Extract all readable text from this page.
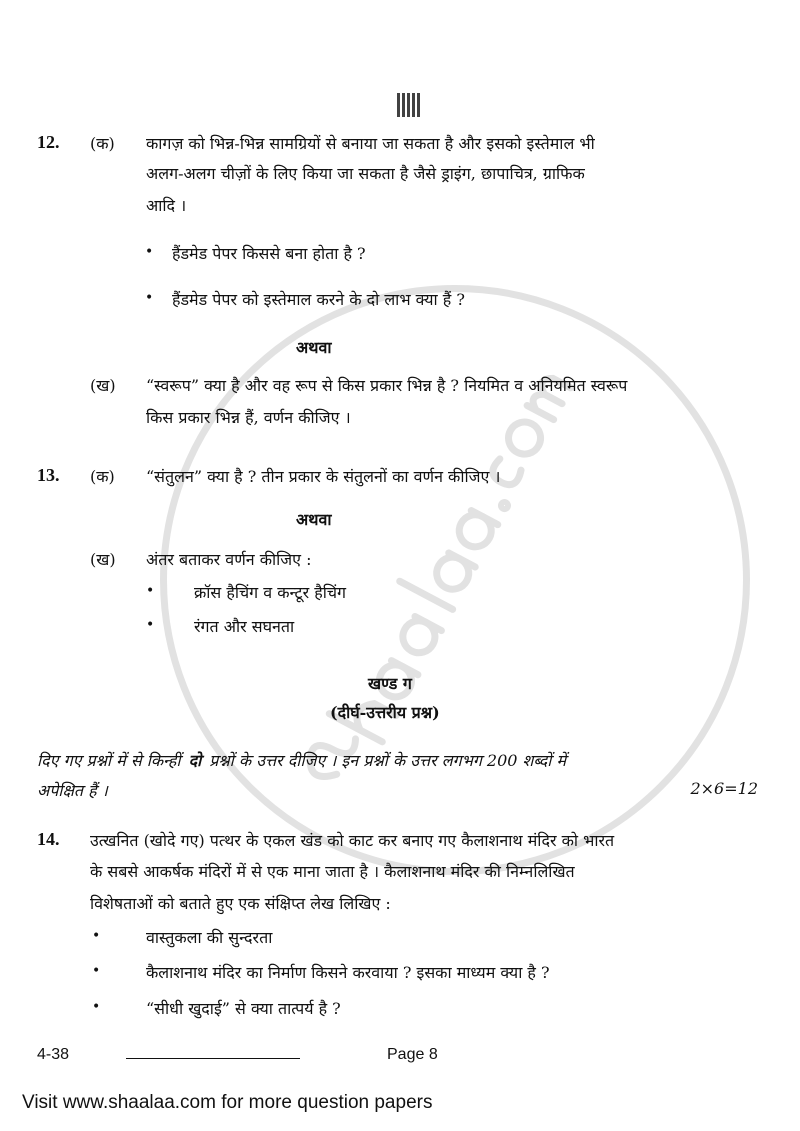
12. (क) कागज़ को भिन्न-भिन्न सामग्रियों से बनाया जा सकता है और इसको इस्तेमाल भी
अलग-अलग चीज़ों के लिए किया जा सकता है जैसे ड्राइंग, छापाचित्र, ग्राफिक
आदि ।
• हैंडमेड पेपर किससे बना होता है ?
• हैंडमेड पेपर को इस्तेमाल करने के दो लाभ क्या हैं ?
अथवा
(ख) “स्वरूप” क्या है और वह रूप से किस प्रकार भिन्न है ? नियमित व अनियमित स्वरूप
किस प्रकार भिन्न हैं, वर्णन कीजिए ।
13. (क) “संतुलन” क्या है ? तीन प्रकार के संतुलनों का वर्णन कीजिए ।
अथवा
(ख) अंतर बताकर वर्णन कीजिए :
• क्रॉस हैचिंग व कन्टूर हैचिंग
• रंगत और सघनता
खण्ड ग
(दीर्घ-उत्तरीय प्रश्न)
दिए गए प्रश्नों में से किन्हीं दो प्रश्नों के उत्तर दीजिए । इन प्रश्नों के उत्तर लगभग 200 शब्दों में
अपेक्षित हैं ।	2×6=12
14. उत्खनित (खोदे गए) पत्थर के एकल खंड को काट कर बनाए गए कैलाशनाथ मंदिर को भारत
के सबसे आकर्षक मंदिरों में से एक माना जाता है । कैलाशनाथ मंदिर की निम्नलिखित
विशेषताओं को बताते हुए एक संक्षिप्त लेख लिखिए :
•	वास्तुकला की सुन्दरता
•	कैलाशनाथ मंदिर का निर्माण किसने करवाया ? इसका माध्यम क्या है ?
•	“सीधी खुदाई” से क्या तात्पर्य है ?
4-38	Page 8
Visit www.shaalaa.com for more question papers
